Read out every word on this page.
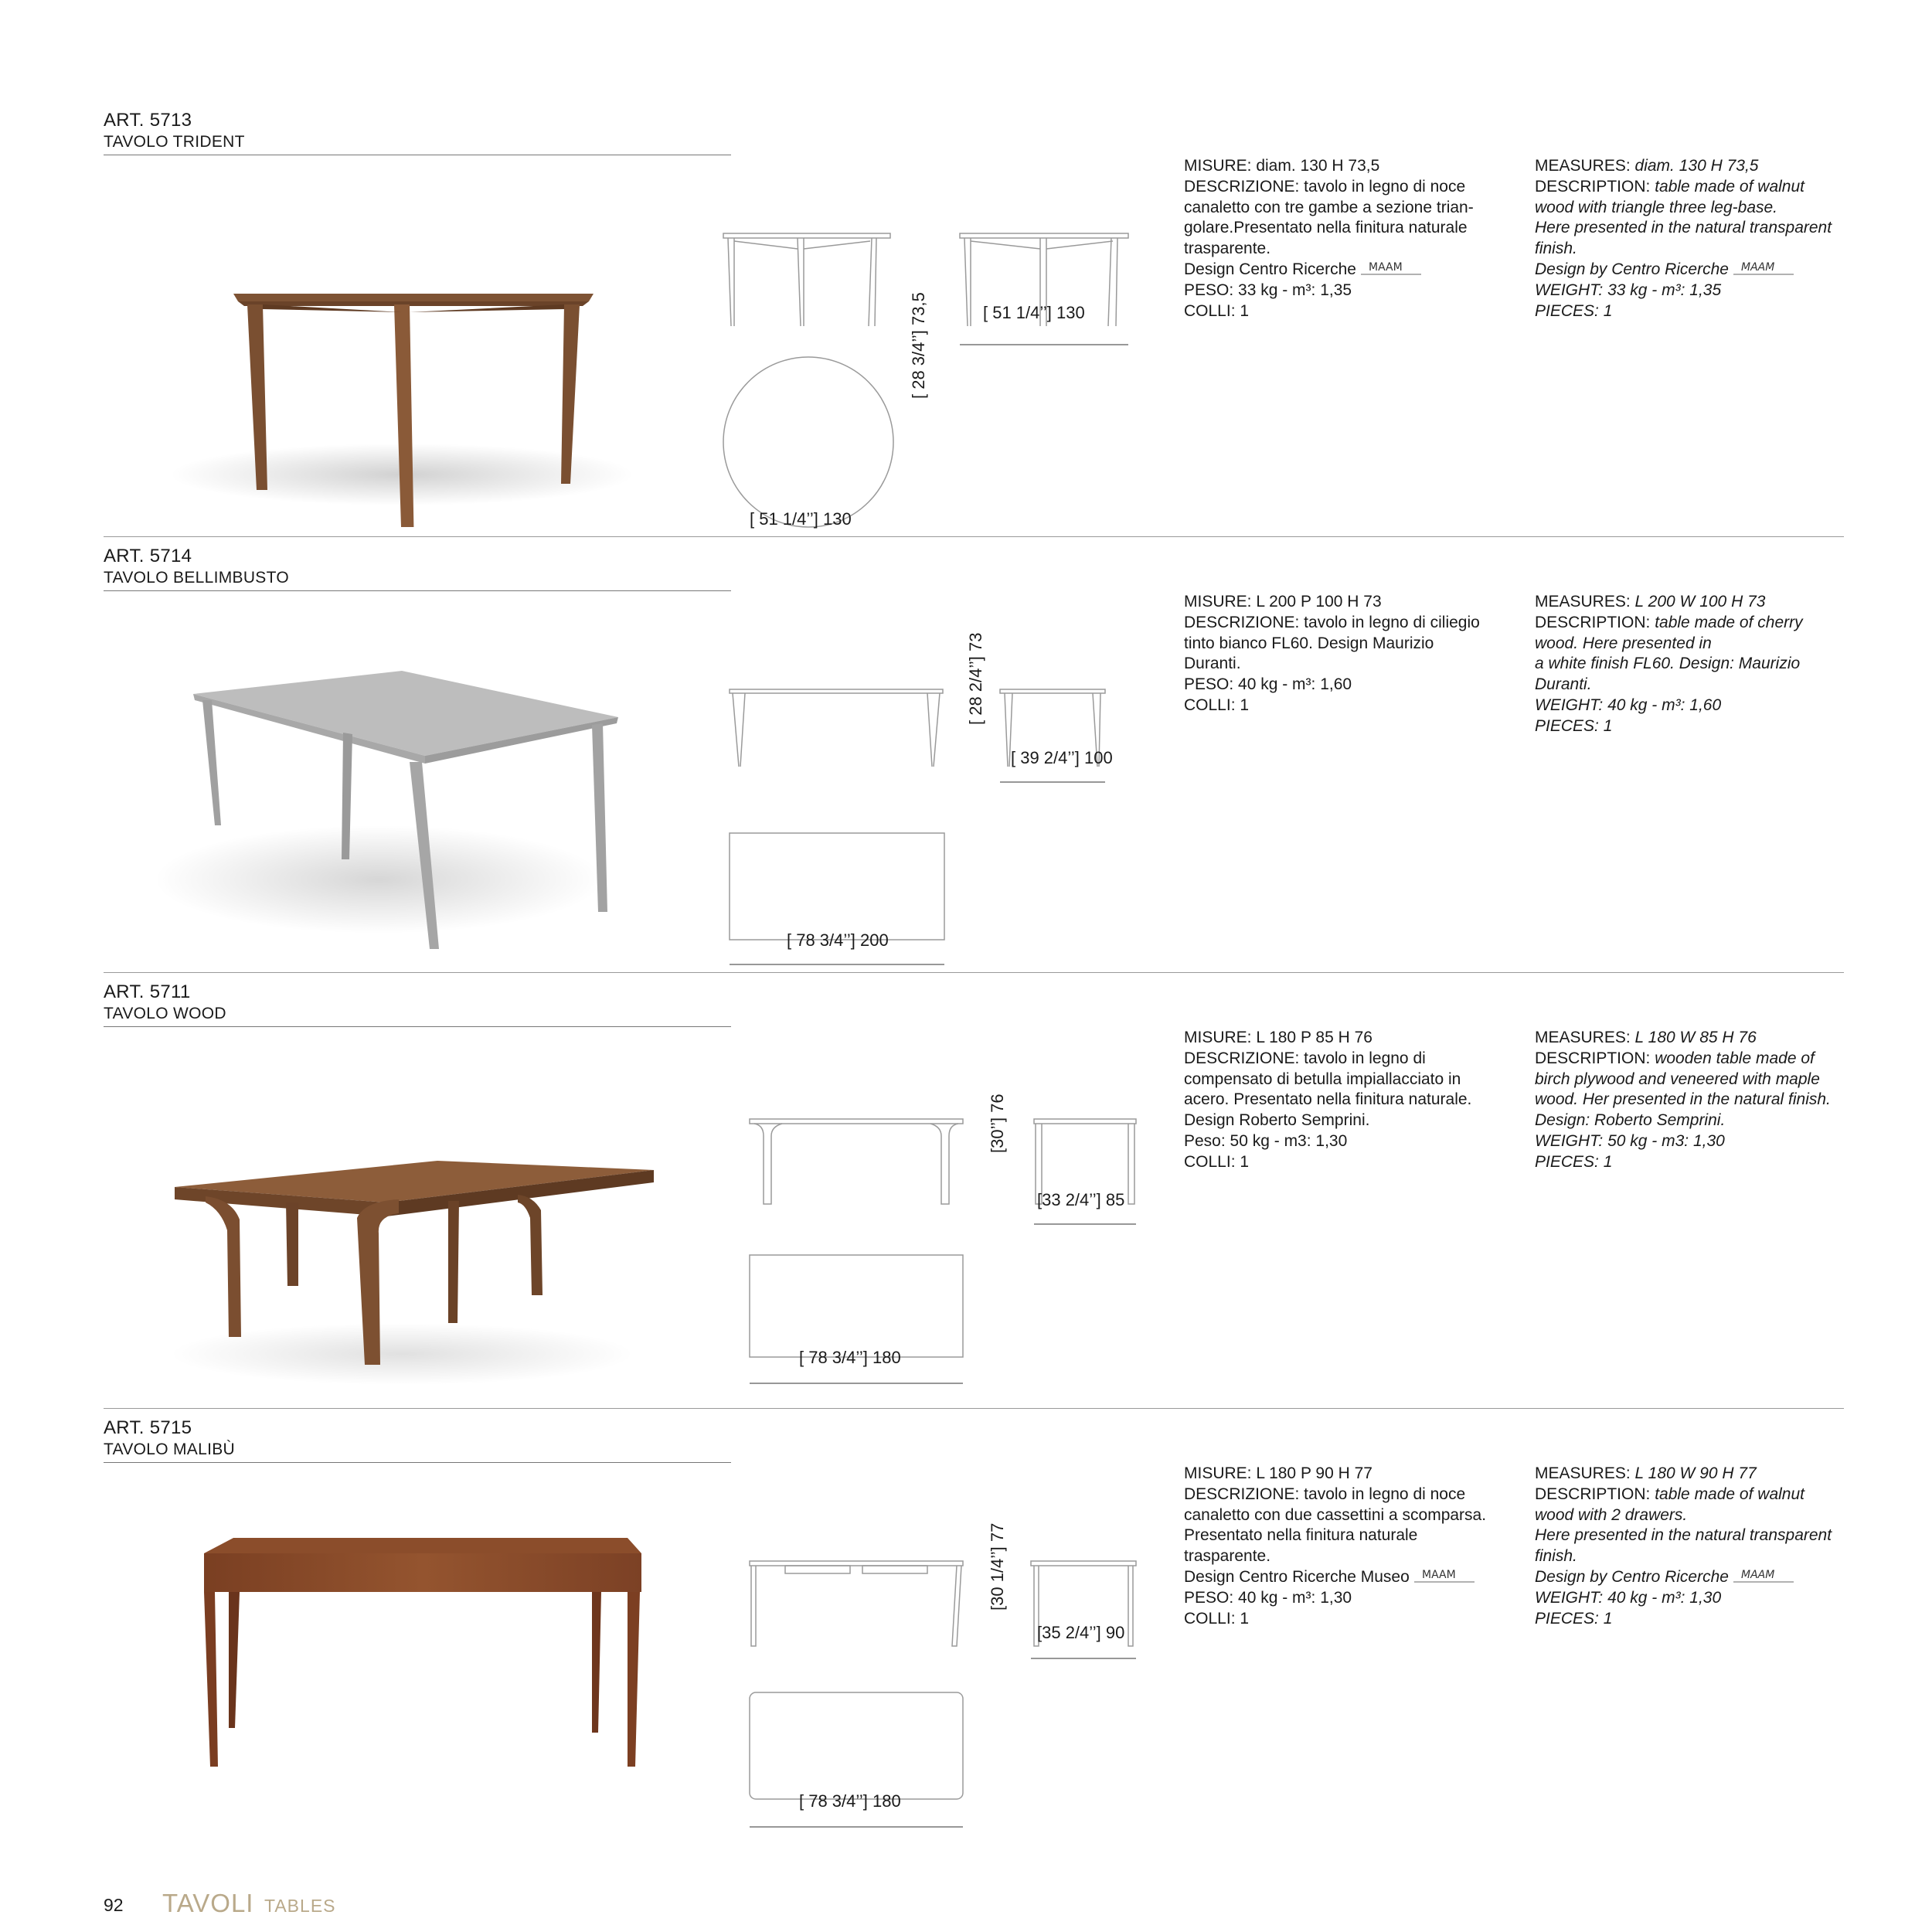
ART. 5713
TAVOLO TRIDENT
[ 28 3/4’’] 73,5	[ 51 1/4’’] 130
[ 51 1/4’’] 130
MISURE: diam. 130 H 73,5
DESCRIZIONE: tavolo in legno di noce
canaletto con tre gambe a sezione trian-
golare.Presentato nella finitura naturale
trasparente.
Design Centro Ricerche MAAM
PESO: 33 kg - m³: 1,35
COLLI: 1
MEASURES: diam. 130 H 73,5
DESCRIPTION: table made of walnut
wood with triangle three leg-base.
Here presented in the natural transparent
finish.
Design by Centro Ricerche MAAM
WEIGHT: 33 kg - m³: 1,35
PIECES: 1
ART. 5714
TAVOLO BELLIMBUSTO
[ 28 2/4’’] 73
[ 39 2/4’’] 100
[ 78 3/4’’] 200
MISURE: L 200 P 100 H 73
DESCRIZIONE: tavolo in legno di ciliegio
tinto bianco FL60. Design Maurizio
Duranti.
PESO: 40 kg - m³: 1,60
COLLI: 1
MEASURES: L 200 W 100 H 73
DESCRIPTION: table made of cherry
wood. Here presented in
a white finish FL60. Design: Maurizio
Duranti.
WEIGHT: 40 kg - m³: 1,60
PIECES: 1
ART. 5711
TAVOLO WOOD
[30’’] 76
[33 2/4’’] 85
[ 78 3/4’’] 180
MISURE: L 180 P 85 H 76
DESCRIZIONE: tavolo in legno di
compensato di betulla impiallacciato in
acero. Presentato nella finitura naturale.
Design Roberto Semprini.
Peso: 50 kg - m3: 1,30
COLLI: 1
MEASURES: L 180 W 85 H 76
DESCRIPTION: wooden table made of
birch plywood and veneered with maple
wood. Her presented in the natural finish.
Design: Roberto Semprini.
WEIGHT: 50 kg - m3: 1,30
PIECES: 1
ART. 5715
TAVOLO MALIBÙ
[30 1/4’’] 77
[35 2/4’’] 90
[ 78 3/4’’] 180
MISURE: L 180 P 90 H 77
DESCRIZIONE: tavolo in legno di noce
canaletto con due cassettini a scomparsa.
Presentato nella finitura naturale
trasparente.
Design Centro Ricerche Museo MAAM
PESO: 40 kg - m³: 1,30
COLLI: 1
MEASURES: L 180 W 90 H 77
DESCRIPTION: table made of walnut
wood with 2 drawers.
Here presented in the natural transparent
finish.
Design by Centro Ricerche MAAM
WEIGHT: 40 kg - m³: 1,30
PIECES: 1
92 TAVOLI TABLES
